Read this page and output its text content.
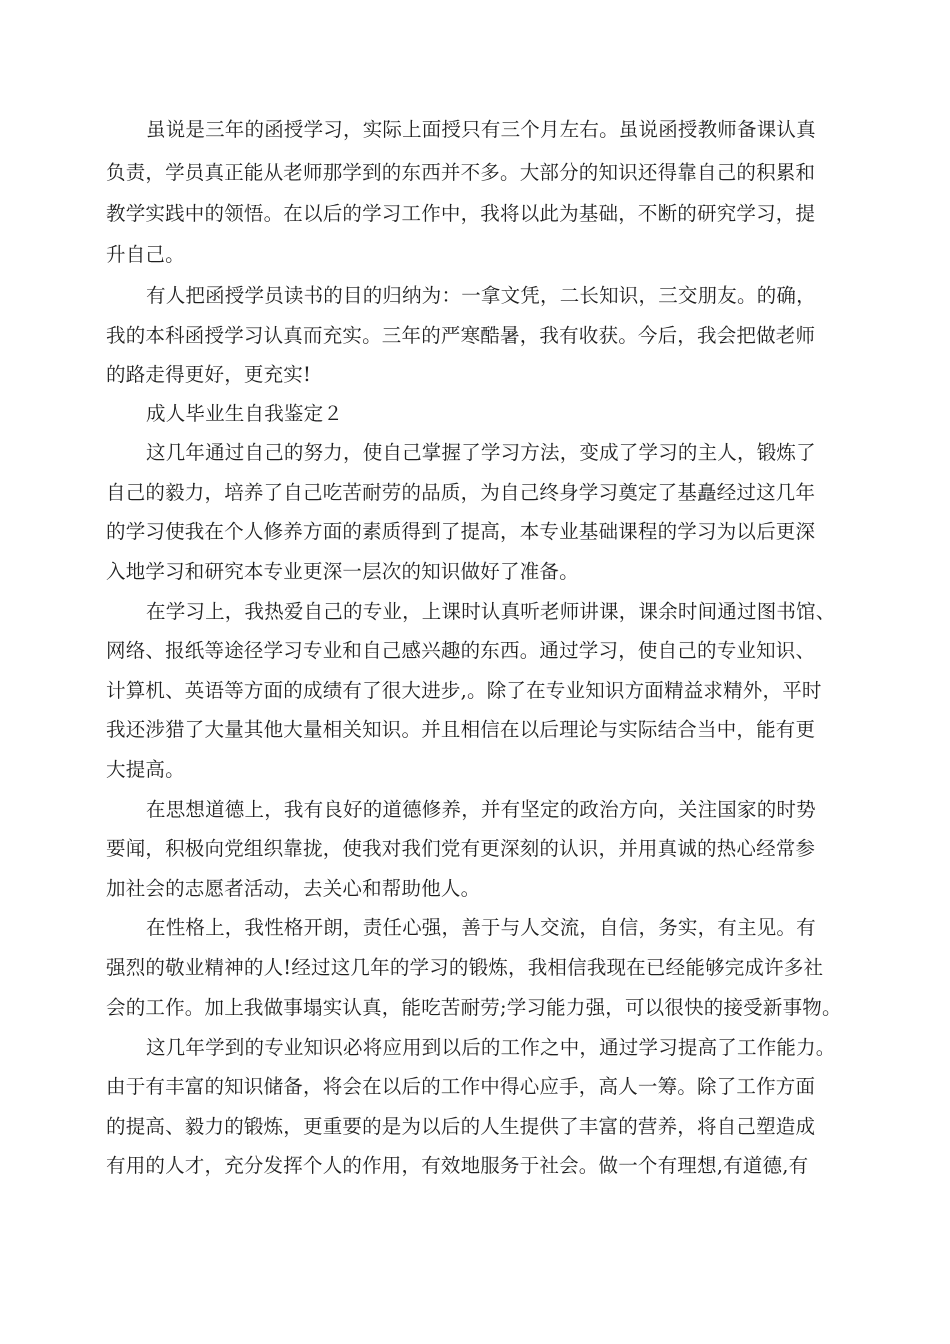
虽说是三年的函授学习，实际上面授只有三个月左右。虽说函授教师备课认真
负责，学员真正能从老师那学到的东西并不多。大部分的知识还得靠自己的积累和
教学实践中的领悟。在以后的学习工作中，我将以此为基础，不断的研究学习，提
升自己。
有人把函授学员读书的目的归纳为：一拿文凭，二长知识，三交朋友。的确，
我的本科函授学习认真而充实。三年的严寒酷暑，我有收获。今后，我会把做老师
的路走得更好，更充实!
成人毕业生自我鉴定２
这几年通过自己的努力，使自己掌握了学习方法，变成了学习的主人，锻炼了
自己的毅力，培养了自己吃苦耐劳的品质，为自己终身学习奠定了基矗经过这几年
的学习使我在个人修养方面的素质得到了提高，本专业基础课程的学习为以后更深
入地学习和研究本专业更深一层次的知识做好了准备。
在学习上，我热爱自己的专业，上课时认真听老师讲课，课余时间通过图书馆、
网络、报纸等途径学习专业和自己感兴趣的东西。通过学习，使自己的专业知识、
计算机、英语等方面的成绩有了很大进步,。除了在专业知识方面精益求精外，平时
我还涉猎了大量其他大量相关知识。并且相信在以后理论与实际结合当中，能有更
大提高。
在思想道德上，我有良好的道德修养，并有坚定的政治方向，关注国家的时势
要闻，积极向党组织靠拢，使我对我们党有更深刻的认识，并用真诚的热心经常参
加社会的志愿者活动，去关心和帮助他人。
在性格上，我性格开朗，责任心强，善于与人交流，自信，务实，有主见。有
强烈的敬业精神的人!经过这几年的学习的锻炼，我相信我现在已经能够完成许多社
会的工作。加上我做事塌实认真，能吃苦耐劳;学习能力强，可以很快的接受新事物。
这几年学到的专业知识必将应用到以后的工作之中，通过学习提高了工作能力。
由于有丰富的知识储备，将会在以后的工作中得心应手，高人一筹。除了工作方面
的提高、毅力的锻炼，更重要的是为以后的人生提供了丰富的营养，将自己塑造成
有用的人才，充分发挥个人的作用，有效地服务于社会。做一个有理想,有道德,有
